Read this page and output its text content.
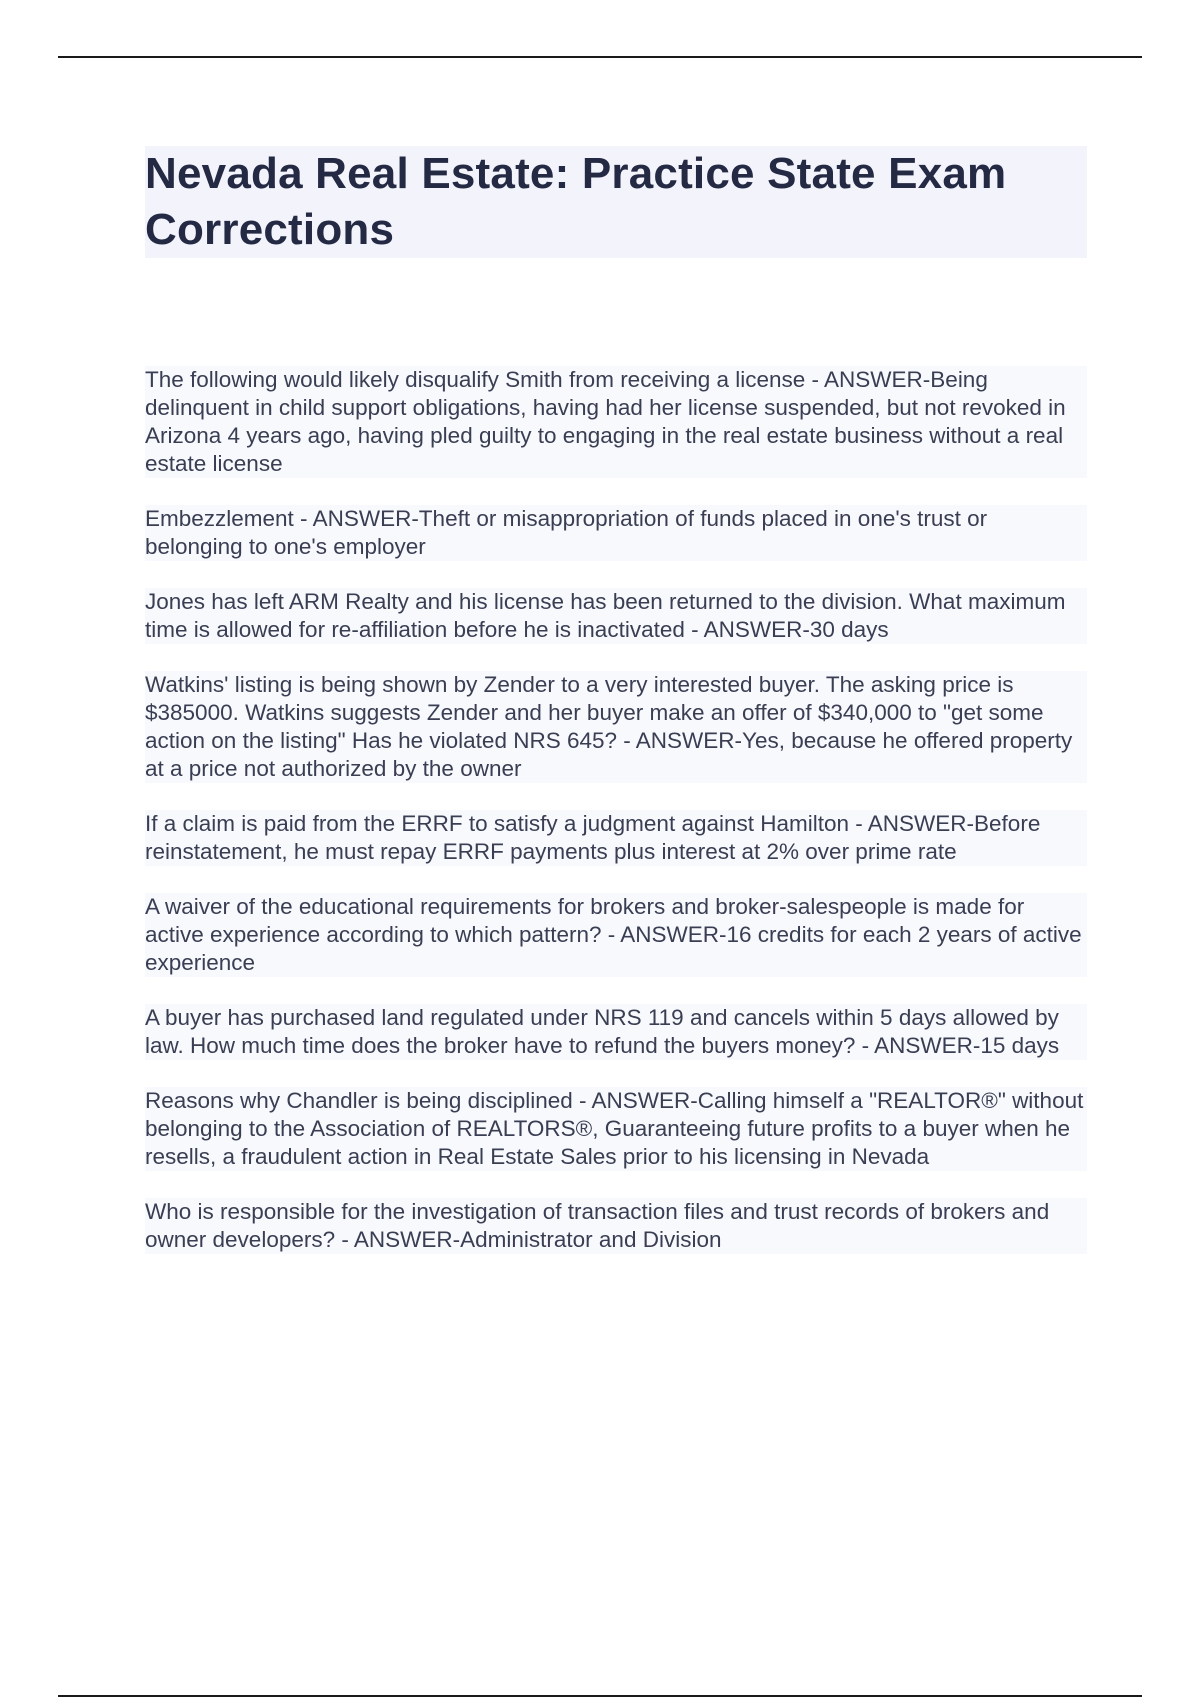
Nevada Real Estate: Practice State Exam Corrections

The following would likely disqualify Smith from receiving a license - ANSWER-Being delinquent in child support obligations, having had her license suspended, but not revoked in Arizona 4 years ago, having pled guilty to engaging in the real estate business without a real estate license

Embezzlement - ANSWER-Theft or misappropriation of funds placed in one's trust or belonging to one's employer

Jones has left ARM Realty and his license has been returned to the division. What maximum time is allowed for re-affiliation before he is inactivated - ANSWER-30 days

Watkins' listing is being shown by Zender to a very interested buyer. The asking price is $385000. Watkins suggests Zender and her buyer make an offer of $340,000 to "get some action on the listing" Has he violated NRS 645? - ANSWER-Yes, because he offered property at a price not authorized by the owner

If a claim is paid from the ERRF to satisfy a judgment against Hamilton - ANSWER-Before reinstatement, he must repay ERRF payments plus interest at 2% over prime rate

A waiver of the educational requirements for brokers and broker-salespeople is made for active experience according to which pattern? - ANSWER-16 credits for each 2 years of active experience

A buyer has purchased land regulated under NRS 119 and cancels within 5 days allowed by law. How much time does the broker have to refund the buyers money? - ANSWER-15 days

Reasons why Chandler is being disciplined - ANSWER-Calling himself a "REALTOR®" without belonging to the Association of REALTORS®, Guaranteeing future profits to a buyer when he resells, a fraudulent action in Real Estate Sales prior to his licensing in Nevada

Who is responsible for the investigation of transaction files and trust records of brokers and owner developers? - ANSWER-Administrator and Division
